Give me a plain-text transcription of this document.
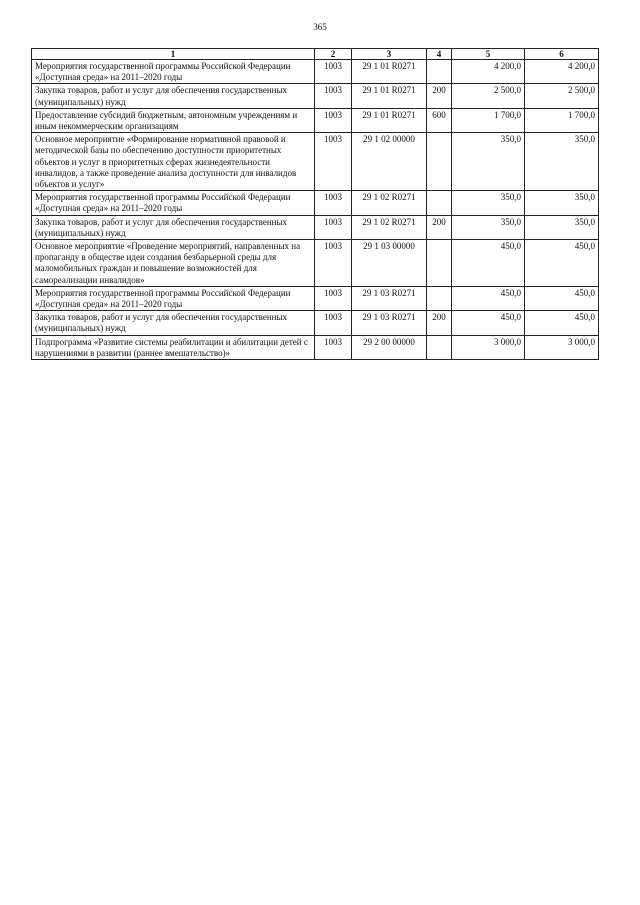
365
1	2	3	4	5	6
Мероприятия государственной программы Российской Федерации «Доступная среда» на 2011–2020 годы	1003	29 1 01 R0271		4 200,0	4 200,0
Закупка товаров, работ и услуг для обеспечения государственных (муниципальных) нужд	1003	29 1 01 R0271	200	2 500,0	2 500,0
Предоставление субсидий бюджетным, автономным учреждениям и иным некоммерческим организациям	1003	29 1 01 R0271	600	1 700,0	1 700,0
Основное мероприятие «Формирование нормативной правовой и методической базы по обеспечению доступности приоритетных объектов и услуг в приоритетных сферах жизнедеятельности инвалидов, а также проведение анализа доступности для инвалидов объектов и услуг»	1003	29 1 02 00000		350,0	350,0
Мероприятия государственной программы Российской Федерации «Доступная среда» на 2011–2020 годы	1003	29 1 02 R0271		350,0	350,0
Закупка товаров, работ и услуг для обеспечения государственных (муниципальных) нужд	1003	29 1 02 R0271	200	350,0	350,0
Основное мероприятие «Проведение мероприятий, направленных на пропаганду в обществе идеи создания безбарьерной среды для маломобильных граждан и повышение возможностей для самореализации инвалидов»	1003	29 1 03 00000		450,0	450,0
Мероприятия государственной программы Российской Федерации «Доступная среда» на 2011–2020 годы	1003	29 1 03 R0271		450,0	450,0
Закупка товаров, работ и услуг для обеспечения государственных (муниципальных) нужд	1003	29 1 03 R0271	200	450,0	450,0
Подпрограмма «Развитие системы реабилитации и абилитации детей с нарушениями в развитии (раннее вмешательство)»	1003	29 2 00 00000		3 000,0	3 000,0
